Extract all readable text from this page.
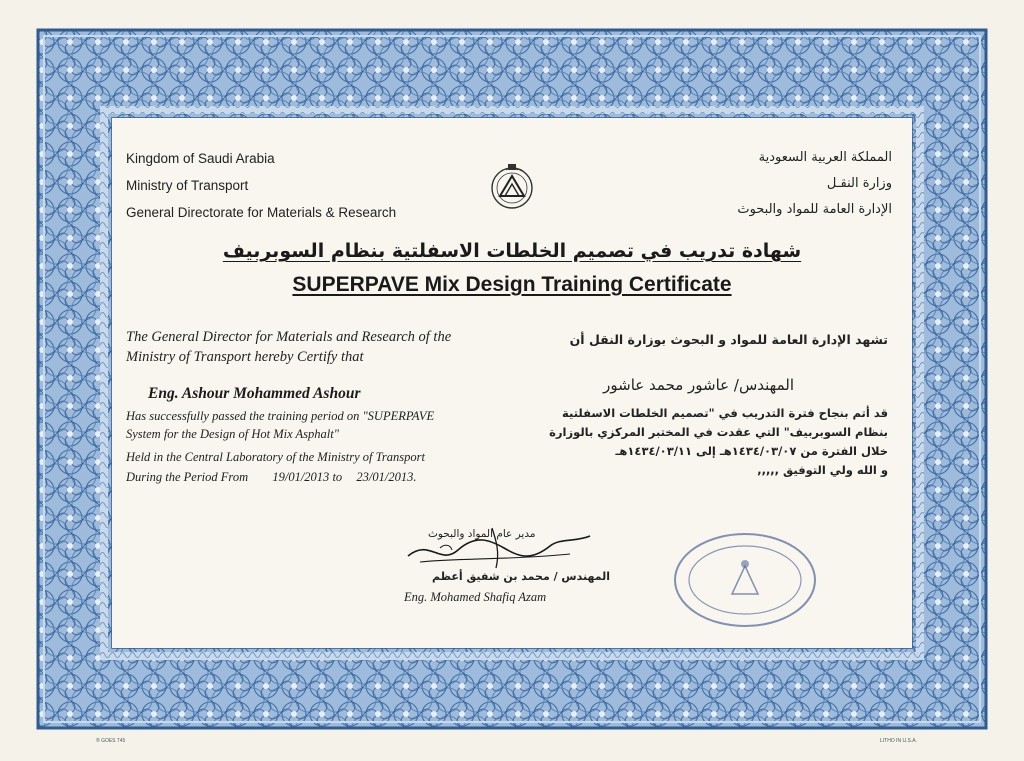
Kingdom of Saudi Arabia
Ministry of Transport
General Directorate for Materials & Research
المملكة العربية السعودية
وزارة النقـل
الإدارة العامة للمواد والبحوث
شهادة تدريب في تصميم الخلطات الاسفلتية بنظام السوبربيف
SUPERPAVE Mix Design Training Certificate
The General Director for Materials and Research of the
Ministry of Transport hereby Certify that
Eng. Ashour Mohammed Ashour
Has successfully passed the training period on "SUPERPAVE
System for the Design of Hot Mix Asphalt"
Held in the Central Laboratory of the Ministry of Transport
During the Period From 19/01/2013 to 23/01/2013.
تشهد الإدارة العامة للمواد و البحوث بوزارة النقل أن
المهندس/ عاشور محمد عاشور
قد أتم بنجاح فترة التدريب في "تصميم الخلطات الاسفلتية
بنظام السوبربيف" التي عقدت في المختبر المركزي بالوزارة
خلال الفترة من ١٤٣٤/٠٣/٠٧هـ إلى ١٤٣٤/٠٣/١١هـ
و الله ولي التوفيق ,,,,,
مدير عام المواد والبحوث
المهندس / محمد بن شفيق أعظم
Eng. Mohamed Shafiq Azam
® GOES 745	LITHO IN U.S.A.
